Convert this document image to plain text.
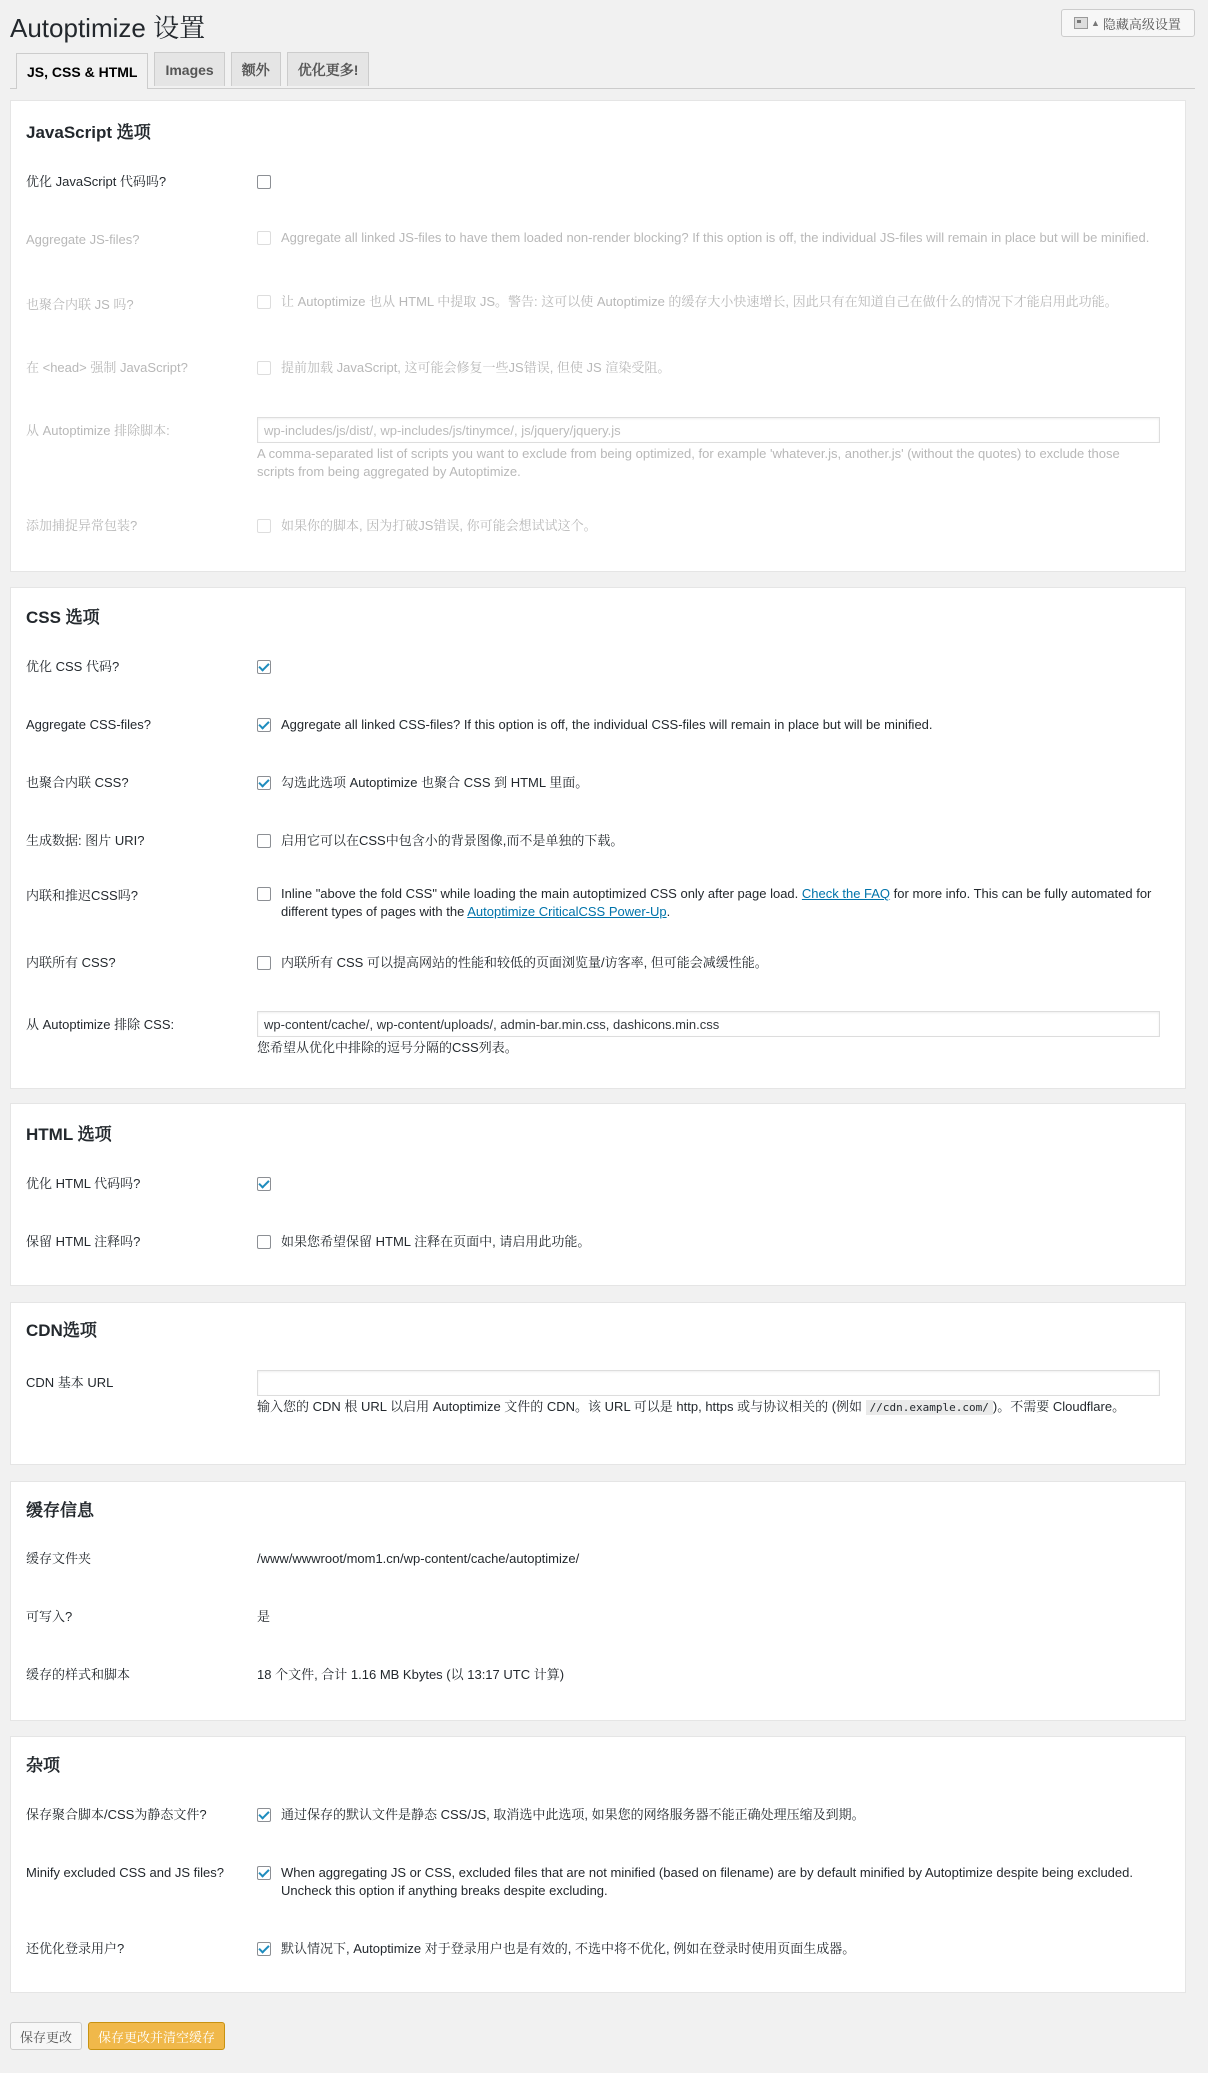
Autoptimize 设置	▲ 隐藏高级设置
JS, CSS & HTML	Images	额外	优化更多!
JavaScript 选项
优化 JavaScript 代码吗?
Aggregate JS-files?	Aggregate all linked JS-files to have them loaded non-render blocking? If this option is off, the individual JS-files will remain in place but will be minified.
也聚合内联 JS 吗?	让 Autoptimize 也从 HTML 中提取 JS。警告: 这可以使 Autoptimize 的缓存大小快速增长, 因此只有在知道自己在做什么的情况下才能启用此功能。
在 <head> 强制 JavaScript?	提前加载 JavaScript, 这可能会修复一些JS错误, 但使 JS 渲染受阻。
从 Autoptimize 排除脚本:
wp-includes/js/dist/, wp-includes/js/tinymce/, js/jquery/jquery.js
A comma-separated list of scripts you want to exclude from being optimized, for example 'whatever.js, another.js' (without the quotes) to exclude those scripts from being aggregated by Autoptimize.
添加捕捉异常包装?	如果你的脚本, 因为打破JS错误, 你可能会想试试这个。
CSS 选项
优化 CSS 代码?
Aggregate CSS-files?	Aggregate all linked CSS-files? If this option is off, the individual CSS-files will remain in place but will be minified.
也聚合内联 CSS?	勾选此选项 Autoptimize 也聚合 CSS 到 HTML 里面。
生成数据: 图片 URI?	启用它可以在CSS中包含小的背景图像,而不是单独的下载。
内联和推迟CSS吗?	Inline "above the fold CSS" while loading the main autoptimized CSS only after page load. Check the FAQ for more info. This can be fully automated for different types of pages with the Autoptimize CriticalCSS Power-Up.
内联所有 CSS?	内联所有 CSS 可以提高网站的性能和较低的页面浏览量/访客率, 但可能会减缓性能。
从 Autoptimize 排除 CSS:
wp-content/cache/, wp-content/uploads/, admin-bar.min.css, dashicons.min.css
您希望从优化中排除的逗号分隔的CSS列表。
HTML 选项
优化 HTML 代码吗?
保留 HTML 注释吗?	如果您希望保留 HTML 注释在页面中, 请启用此功能。
CDN选项
CDN 基本 URL
输入您的 CDN 根 URL 以启用 Autoptimize 文件的 CDN。该 URL 可以是 http, https 或与协议相关的 (例如 //cdn.example.com/ )。不需要 Cloudflare。
缓存信息
缓存文件夹	/www/wwwroot/mom1.cn/wp-content/cache/autoptimize/
可写入?	是
缓存的样式和脚本	18 个文件, 合计 1.16 MB Kbytes (以 13:17 UTC 计算)
杂项
保存聚合脚本/CSS为静态文件?	通过保存的默认文件是静态 CSS/JS, 取消选中此选项, 如果您的网络服务器不能正确处理压缩及到期。
Minify excluded CSS and JS files?	When aggregating JS or CSS, excluded files that are not minified (based on filename) are by default minified by Autoptimize despite being excluded. Uncheck this option if anything breaks despite excluding.
还优化登录用户?	默认情况下, Autoptimize 对于登录用户也是有效的, 不选中将不优化, 例如在登录时使用页面生成器。
保存更改	保存更改并清空缓存
